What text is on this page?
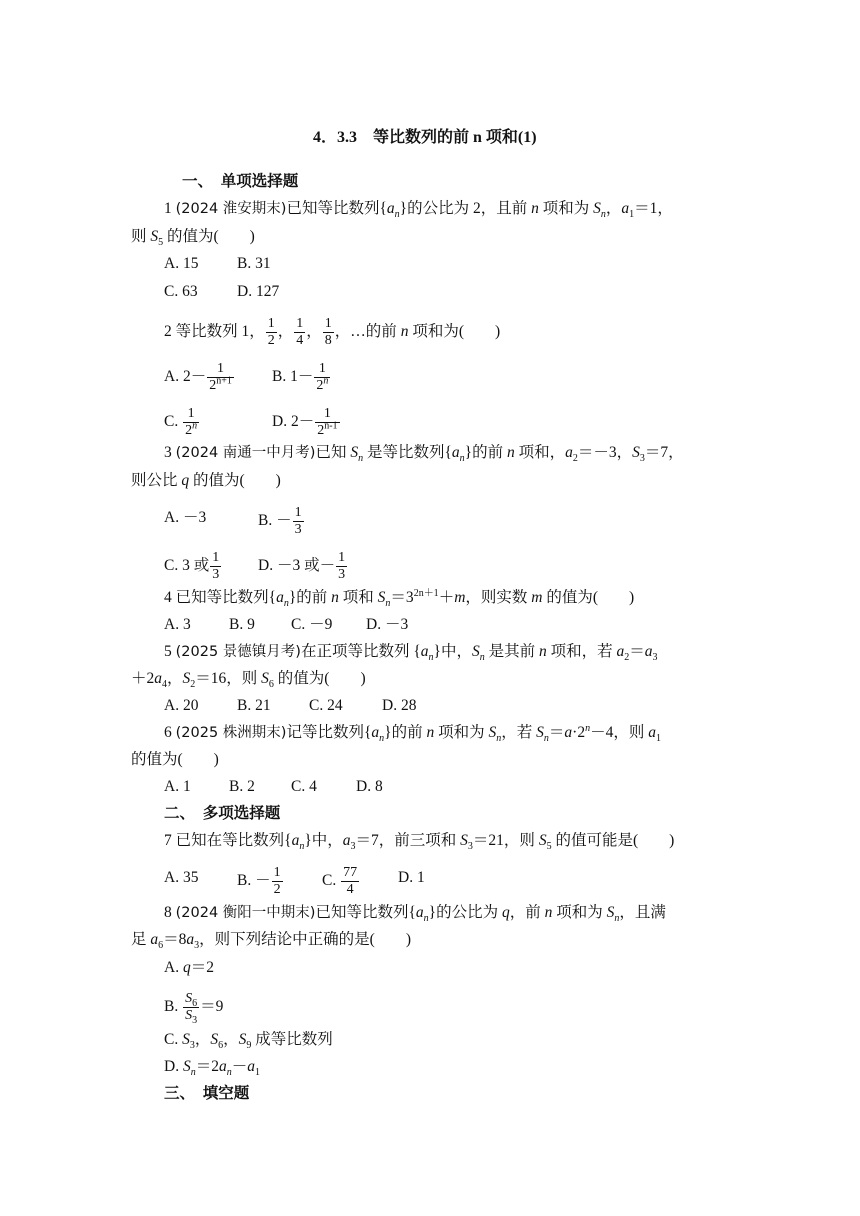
4．3.3　等比数列的前 n 项和(1)
一、　单项选择题
1 (2024 淮安期末)已知等比数列$\{a_n\}$的公比为 2，且前 n 项和为 $S_n$，$a_1=1$，
则 $S_5$ 的值为(　　)
A. 15 B. 31
C. 63	D. 127
2 等比数列 1， $\frac{1}{2}$ ， $\frac{1}{4}$ ， $\frac{1}{8}$ ，…的前 n 项和为(　　)
A. $2- \frac{1}{2^{n+1}} B$. $1- \frac{1}{2^n}$
C. $\frac{1}{2^n}$	D. $2- \frac{1}{2^{n-1}}$
3 (2024 南通一中月考)已知 $S_n$ 是等比数列$\{a_n\}$的前 n 项和，$a_2=-3$，$S_3=7$，
则公比 q 的值为(　　)
A. －3	B. － $\frac{1}{3}$
C. 3 或 $\frac{1}{3} D$. －3 或－ $\frac{1}{3}$
4 已知等比数列$\{a_n\}$的前 n 项和 $S_n=3^{2n+1}+m$，则实数 m 的值为(　　)
A. 3 B. 9 C. －9 D. －3
5 (2025 景德镇月考)在正项等比数列 $\{a_n\}$中，$S_n$ 是其前 n 项和，若 $a_2=a_3$
$+2a_4$，$S_2=16$，则 $S_6$ 的值为(　　)
A. 20 B. 21 C. 24	D. 28
6 (2025 株洲期末)记等比数列$\{a_n\}$的前 n 项和为 $S_n$，若 $S_n=a\cdot 2^n-4$，则 $a_1$
的值为(　　)
A. 1 B. 2 C. 4	D. 8
二、　多项选择题
7 已知在等比数列$\{a_n\}$中，$a_3=7$，前三项和 $S_3=21$，则 $S_5$ 的值可能是(　　)
A. 35 B. － $\frac{1}{2}$	C. $\frac{77}{4}$	D. 1
8 (2024 衡阳一中期末)已知等比数列$\{a_n\}$的公比为 q，前 n 项和为 $S_n$，且满
足 $a_6=8a_3$，则下列结论中正确的是(　　)
A. q＝2
B. $\frac{S_6}{S_3} =9$
C. $S_3$，$S_6$，$S_9$ 成等比数列
D. $S_n=2a_n-a_1$
三、　填空题
